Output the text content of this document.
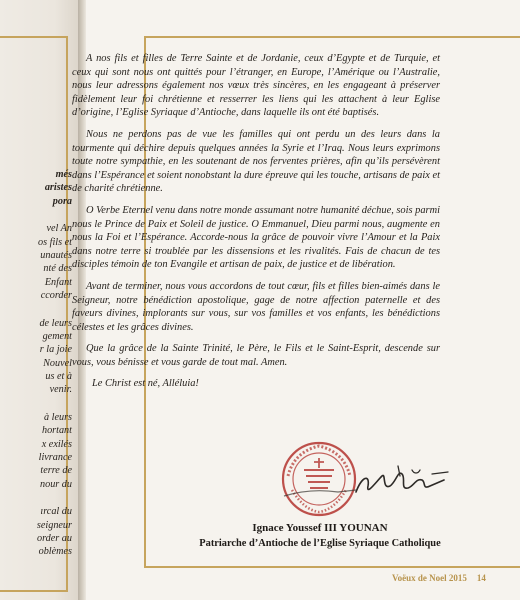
més
aristes
pora
vel An
os fils et
unautés
nté des
Enfant
ccorder
de leurs
gement
r la joie
Nouvel
us et à
venir.
à leurs
hortant
x exilés
livrance
terre de
nour du
ırcal du
seigneur
order au
oblèmes

A nos fils et filles de Terre Sainte et de Jordanie, ceux d’Egypte et de Turquie, et ceux qui sont nous ont quittés pour l’étranger, en Europe, l’Amérique ou l’Australie, nous leur adressons également nos vœux très sincères, en les engageant à préserver fidèlement leur foi chrétienne et resserrer les liens qui les attachent à leur Eglise d’origine, l’Eglise Syriaque d’Antioche, dans laquelle ils ont été baptisés.

Nous ne perdons pas de vue les familles qui ont perdu un des leurs dans la tourmente qui déchire depuis quelques années la Syrie et l’Iraq. Nous leurs exprimons toute notre sympathie, en les soutenant de nos ferventes prières, afin qu’ils persévèrent dans l’Espérance et soient nonobstant la dure épreuve qui les touche, artisans de paix et de charité chrétienne.

O Verbe Eternel venu dans notre monde assumant notre humanité déchue, sois parmi nous le Prince de Paix et Soleil de justice. O Emmanuel, Dieu parmi nous, augmente en nous la Foi et l’Espérance. Accorde-nous la grâce de pouvoir vivre l’Amour et la Paix dans notre terre si troublée par les dissensions et les rivalités. Fais de chacun de tes disciples témoin de ton Evangile et artisan de paix, de justice et de libération.

Avant de terminer, nous vous accordons de tout cœur, fils et filles bien-aimés dans le Seigneur, notre bénédiction apostolique, gage de notre affection paternelle et des faveurs divines, implorants sur vous, sur vos familles et vos enfants, les bénédictions célestes et les grâces divines.

Que la grâce de la Sainte Trinité, le Père, le Fils et le Saint-Esprit, descende sur vous, vous bénisse et vous garde de tout mal. Amen.

Le Christ est né, Alléluia!

Ignace Youssef III YOUNAN
Patriarche d’Antioche de l’Eglise Syriaque Catholique
Voëux de Noel 2015 14
